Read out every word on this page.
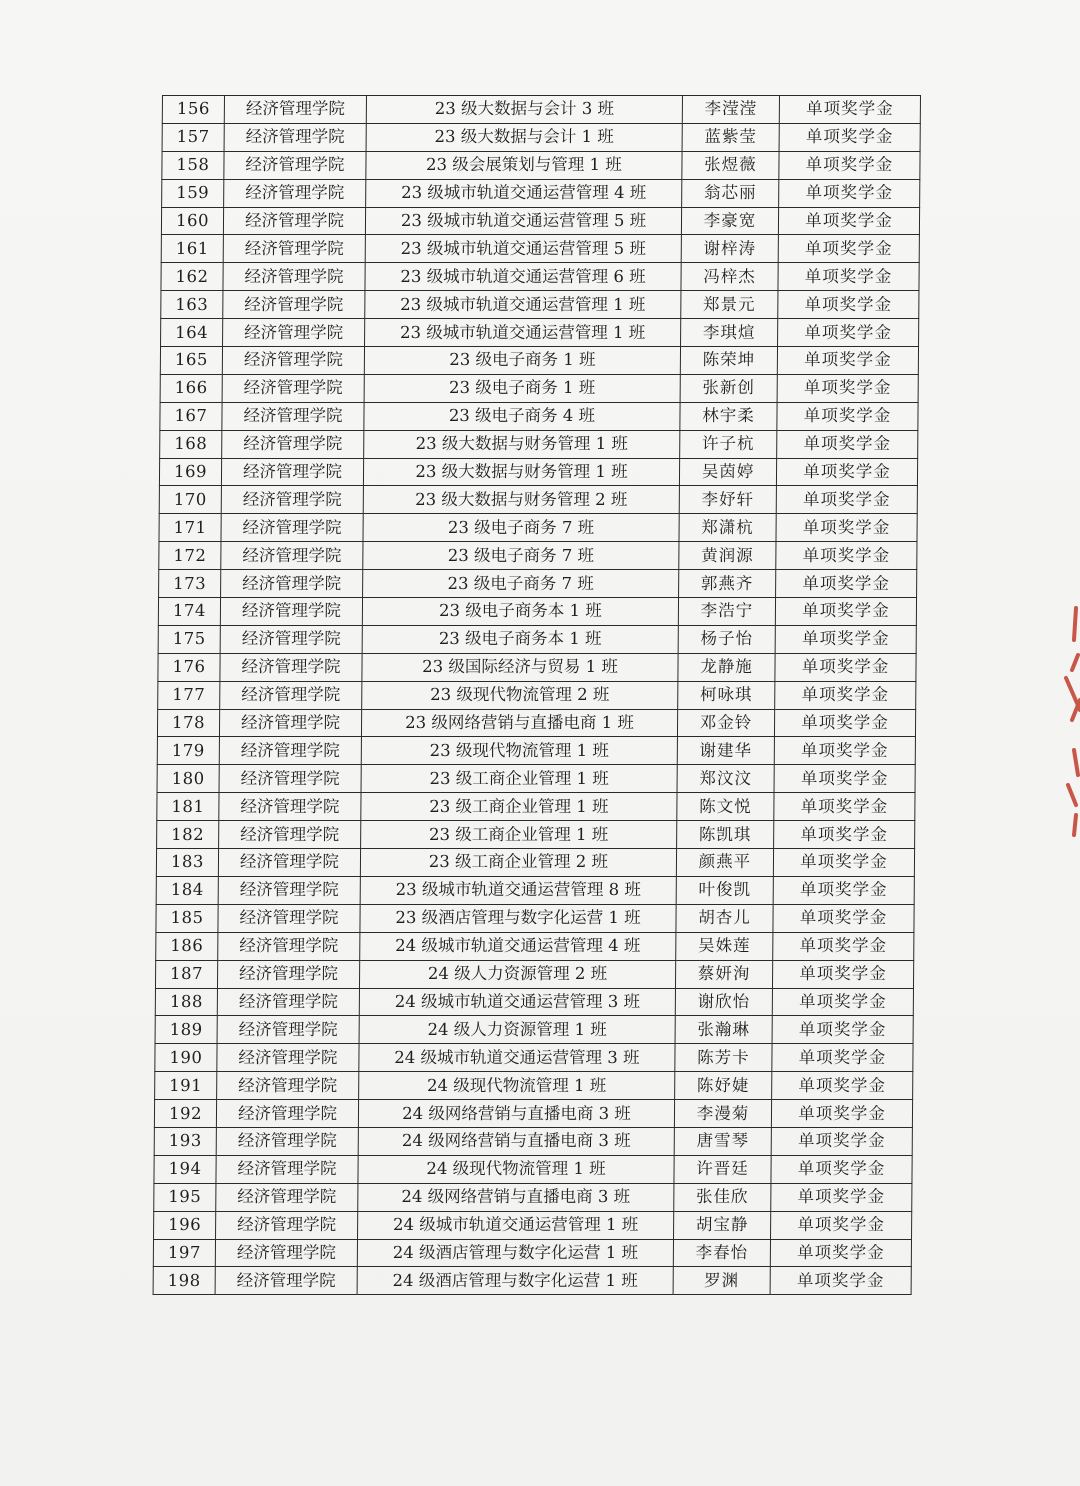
156	经济管理学院	23 级大数据与会计 3 班	李滢滢	单项奖学金
157	经济管理学院	23 级大数据与会计 1 班	蓝紫莹	单项奖学金
158	经济管理学院	23 级会展策划与管理 1 班	张煜薇	单项奖学金
159	经济管理学院	23 级城市轨道交通运营管理 4 班	翁芯丽	单项奖学金
160	经济管理学院	23 级城市轨道交通运营管理 5 班	李豪宽	单项奖学金
161	经济管理学院	23 级城市轨道交通运营管理 5 班	谢梓涛	单项奖学金
162	经济管理学院	23 级城市轨道交通运营管理 6 班	冯梓杰	单项奖学金
163	经济管理学院	23 级城市轨道交通运营管理 1 班	郑景元	单项奖学金
164	经济管理学院	23 级城市轨道交通运营管理 1 班	李琪煊	单项奖学金
165	经济管理学院	23 级电子商务 1 班	陈荣坤	单项奖学金
166	经济管理学院	23 级电子商务 1 班	张新创	单项奖学金
167	经济管理学院	23 级电子商务 4 班	林宇柔	单项奖学金
168	经济管理学院	23 级大数据与财务管理 1 班	许子杭	单项奖学金
169	经济管理学院	23 级大数据与财务管理 1 班	吴茵婷	单项奖学金
170	经济管理学院	23 级大数据与财务管理 2 班	李妤轩	单项奖学金
171	经济管理学院	23 级电子商务 7 班	郑潇杭	单项奖学金
172	经济管理学院	23 级电子商务 7 班	黄润源	单项奖学金
173	经济管理学院	23 级电子商务 7 班	郭燕齐	单项奖学金
174	经济管理学院	23 级电子商务本 1 班	李浩宁	单项奖学金
175	经济管理学院	23 级电子商务本 1 班	杨子怡	单项奖学金
176	经济管理学院	23 级国际经济与贸易 1 班	龙静施	单项奖学金
177	经济管理学院	23 级现代物流管理 2 班	柯咏琪	单项奖学金
178	经济管理学院	23 级网络营销与直播电商 1 班	邓金铃	单项奖学金
179	经济管理学院	23 级现代物流管理 1 班	谢建华	单项奖学金
180	经济管理学院	23 级工商企业管理 1 班	郑汶汶	单项奖学金
181	经济管理学院	23 级工商企业管理 1 班	陈文悦	单项奖学金
182	经济管理学院	23 级工商企业管理 1 班	陈凯琪	单项奖学金
183	经济管理学院	23 级工商企业管理 2 班	颜燕平	单项奖学金
184	经济管理学院	23 级城市轨道交通运营管理 8 班	叶俊凯	单项奖学金
185	经济管理学院	23 级酒店管理与数字化运营 1 班	胡杏儿	单项奖学金
186	经济管理学院	24 级城市轨道交通运营管理 4 班	吴姝莲	单项奖学金
187	经济管理学院	24 级人力资源管理 2 班	蔡妍洵	单项奖学金
188	经济管理学院	24 级城市轨道交通运营管理 3 班	谢欣怡	单项奖学金
189	经济管理学院	24 级人力资源管理 1 班	张瀚琳	单项奖学金
190	经济管理学院	24 级城市轨道交通运营管理 3 班	陈芳卡	单项奖学金
191	经济管理学院	24 级现代物流管理 1 班	陈妤婕	单项奖学金
192	经济管理学院	24 级网络营销与直播电商 3 班	李漫菊	单项奖学金
193	经济管理学院	24 级网络营销与直播电商 3 班	唐雪琴	单项奖学金
194	经济管理学院	24 级现代物流管理 1 班	许晋廷	单项奖学金
195	经济管理学院	24 级网络营销与直播电商 3 班	张佳欣	单项奖学金
196	经济管理学院	24 级城市轨道交通运营管理 1 班	胡宝静	单项奖学金
197	经济管理学院	24 级酒店管理与数字化运营 1 班	李春怡	单项奖学金
198	经济管理学院	24 级酒店管理与数字化运营 1 班	罗渊	单项奖学金
